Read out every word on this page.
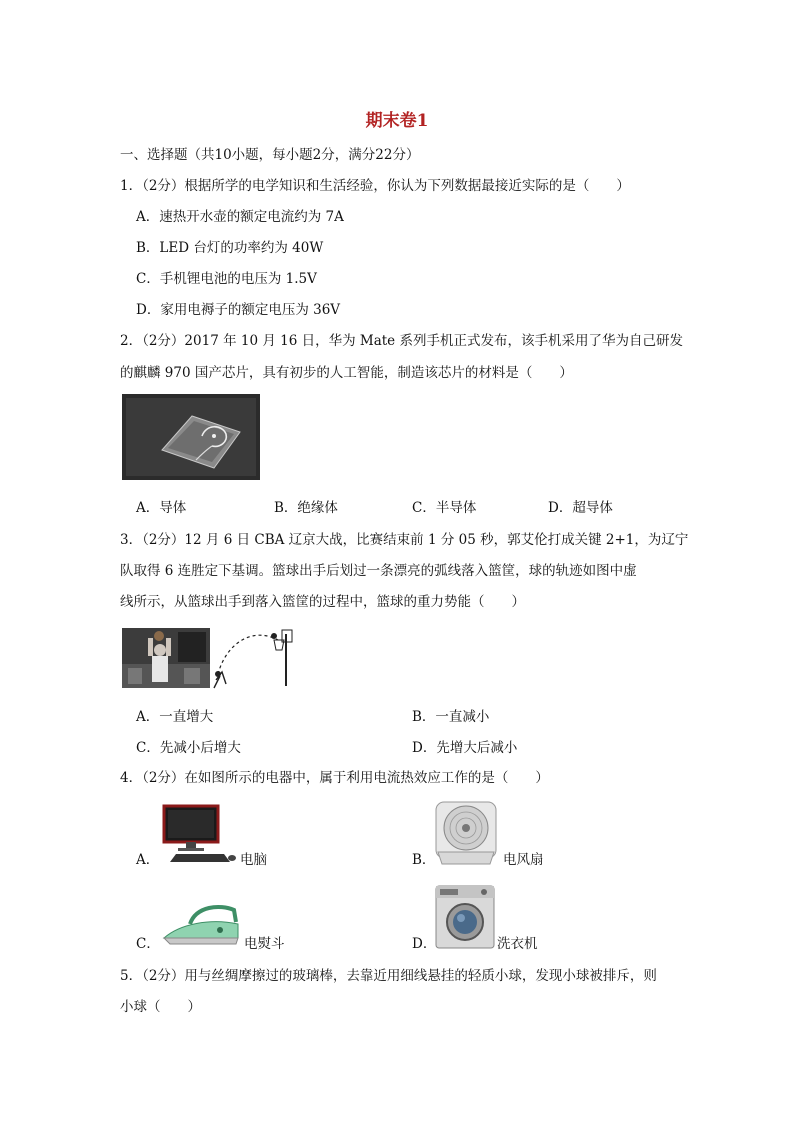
期末卷1
一、选择题（共10小题，每小题2分，满分22分）
1．（2分）根据所学的电学知识和生活经验，你认为下列数据最接近实际的是（　　）
A．速热开水壶的额定电流约为 7A
B．LED 台灯的功率约为 40W
C．手机锂电池的电压为 1.5V
D．家用电褥子的额定电压为 36V
2．（2分）2017 年 10 月 16 日，华为 Mate 系列手机正式发布，该手机采用了华为自己研发
的麒麟 970 国产芯片，具有初步的人工智能，制造该芯片的材料是（　　）
A．导体	B．绝缘体	C．半导体	D．超导体
3．（2分）12 月 6 日 CBA 辽京大战，比赛结束前 1 分 05 秒，郭艾伦打成关键 2+1，为辽宁
队取得 6 连胜定下基调。篮球出手后划过一条漂亮的弧线落入篮筐，球的轨迹如图中虚
线所示，从篮球出手到落入篮筐的过程中，篮球的重力势能（　　）
A．一直增大	B．一直减小
C．先减小后增大	D．先增大后减小
4．（2分）在如图所示的电器中，属于利用电流热效应工作的是（　　）
A．	电脑	B．	电风扇
C．	电熨斗	D．	洗衣机
5．（2分）用与丝绸摩擦过的玻璃棒，去靠近用细线悬挂的轻质小球，发现小球被排斥，则
小球（　　）
